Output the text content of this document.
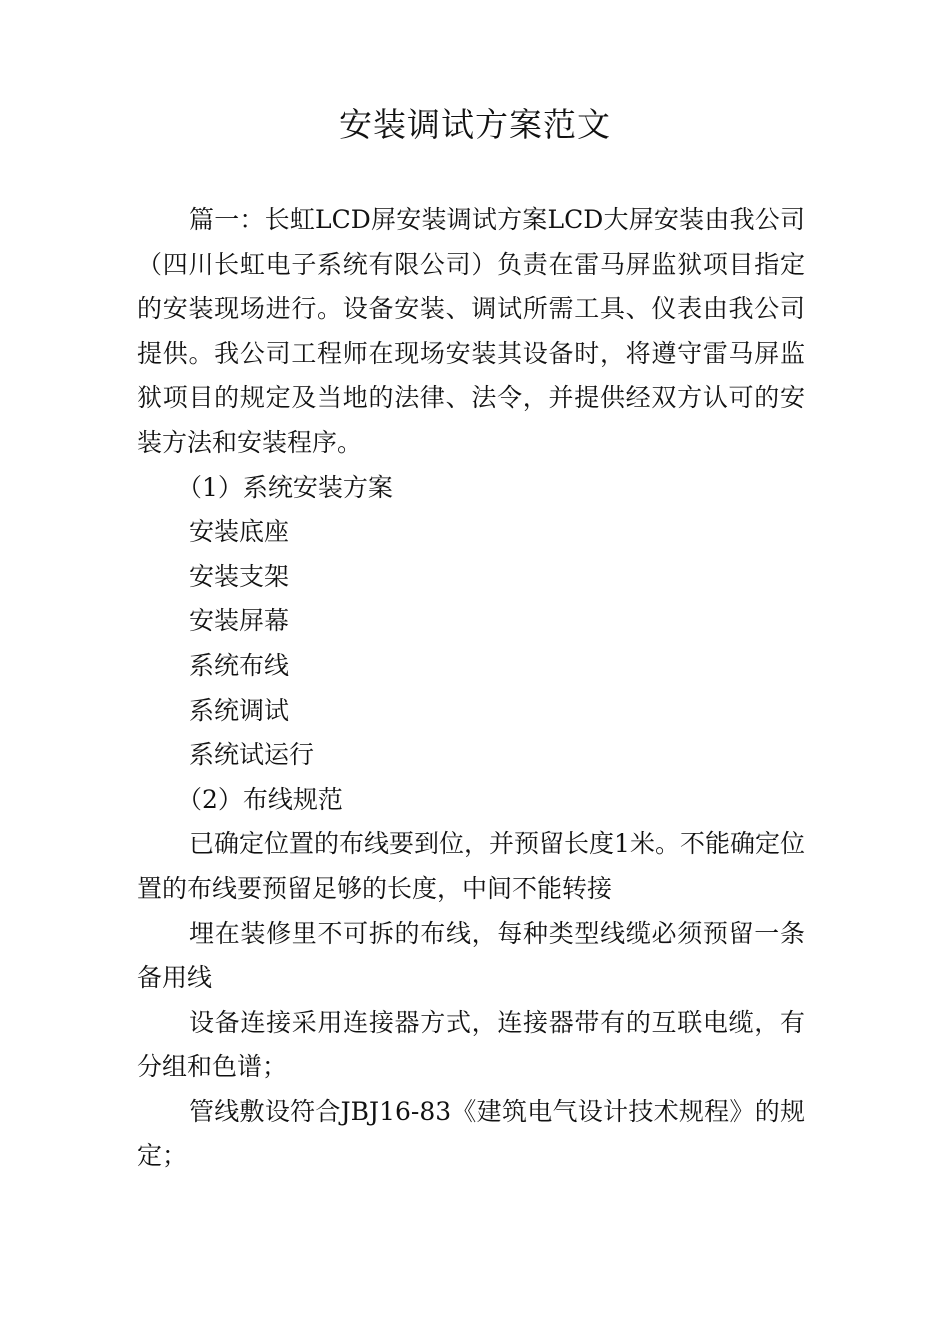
安装调试方案范文

篇一：长虹LCD屏安装调试方案LCD大屏安装由我公司（四川长虹电子系统有限公司）负责在雷马屏监狱项目指定的安装现场进行。设备安装、调试所需工具、仪表由我公司提供。我公司工程师在现场安装其设备时，将遵守雷马屏监狱项目的规定及当地的法律、法令，并提供经双方认可的安装方法和安装程序。

（1）系统安装方案

安装底座

安装支架

安装屏幕

系统布线

系统调试

系统试运行

（2）布线规范

已确定位置的布线要到位，并预留长度1米。不能确定位置的布线要预留足够的长度，中间不能转接

埋在装修里不可拆的布线，每种类型线缆必须预留一条备用线

设备连接采用连接器方式，连接器带有的互联电缆，有分组和色谱；

管线敷设符合JBJ16-83《建筑电气设计技术规程》的规定；
